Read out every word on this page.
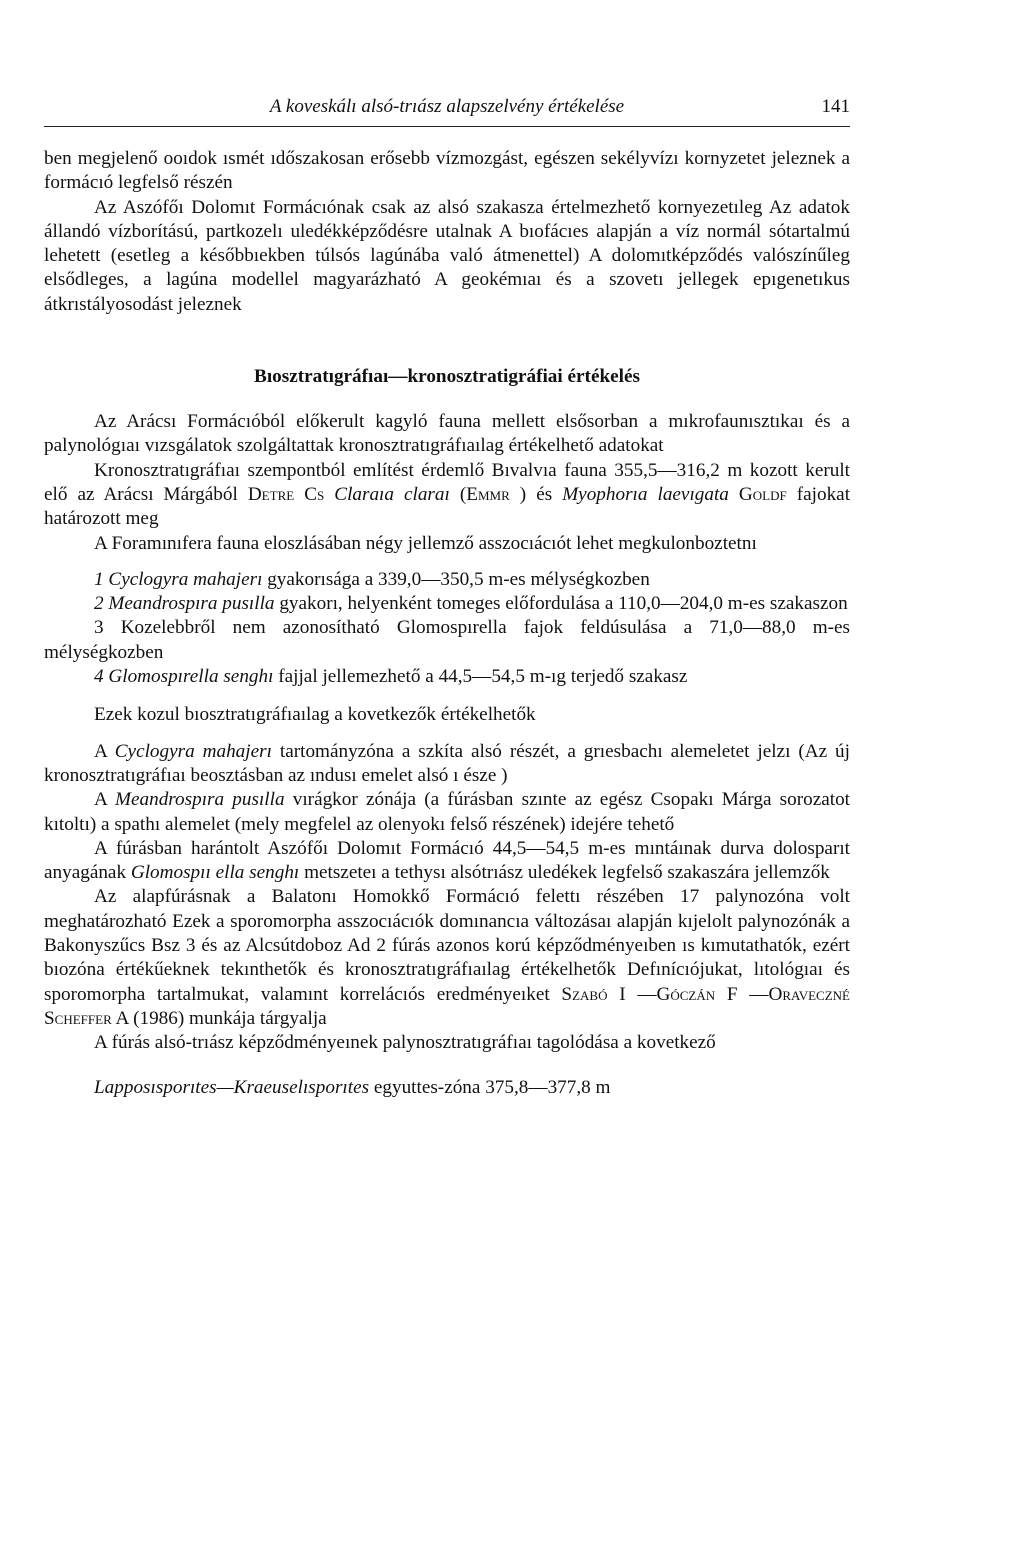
A koveskálı alsó-trıász alapszelvény értékelése	141

ben megjelenő ooıdok ısmét ıdőszakosan erősebb vízmozgást, egészen sekélyvízı kornyzetet jeleznek a formácıó legfelső részén

Az Aszófőı Dolomıt Formácıónak csak az alsó szakasza értelmezhető kornyezetıleg Az adatok állandó vízborítású, partkozelı uledékképződésre utalnak A bıofácıes alapján a víz normál sótartalmú lehetett (esetleg a későbbıekben túlsós lagúnába való átmenettel) A dolomıtképződés valószínűleg elsődleges, a lagúna modellel magyarázható A geokémıaı és a szovetı jellegek epıgenetıkus átkrıstályosodást jeleznek

Bıosztratıgráfıaı—kronosztratigráfiai értékelés

Az Arácsı Formácıóból előkerult kagyló fauna mellett elsősorban a mıkrofaunısztıkaı és a palynológıaı vızsgálatok szolgáltattak kronosztratıgráfıaılag értékelhető adatokat

Kronosztratıgráfıaı szempontból említést érdemlő Bıvalvıa fauna 355,5—316,2 m kozott kerult elő az Arácsı Márgából Detre Cs Claraıa claraı (Emmr ) és Myophorıa laevıgata Goldf fajokat határozott meg

A Foramınıfera fauna eloszlásában négy jellemző asszocıácıót lehet megkulonboztetnı

1 Cyclogyra mahajerı gyakorısága a 339,0—350,5 m-es mélységkozben

2 Meandrospıra pusılla gyakorı, helyenként tomeges előfordulása a 110,0—204,0 m-es szakaszon

3 Kozelebbről nem azonosítható Glomospırella fajok feldúsulása a 71,0—88,0 m-es mélységkozben

4 Glomospırella senghı fajjal jellemezhető a 44,5—54,5 m-ıg terjedő szakasz

Ezek kozul bıosztratıgráfıaılag a kovetkezők értékelhetők

A Cyclogyra mahajerı tartományzóna a szkíta alsó részét, a grıesbachı alemeletet jelzı (Az új kronosztratıgráfıaı beosztásban az ındusı emelet alsó ı észe )

A Meandrospıra pusılla vırágkor zónája (a fúrásban szınte az egész Csopakı Márga sorozatot kıtoltı) a spathı alemelet (mely megfelel az olenyokı felső részének) idejére tehető

A fúrásban harántolt Aszófőı Dolomıt Formácıó 44,5—54,5 m-es mıntáınak durva dolosparıt anyagának Glomospıı ella senghı metszeteı a tethysı alsótrıász uledékek legfelső szakaszára jellemzők

Az alapfúrásnak a Balatonı Homokkő Formácıó felettı részében 17 palynozóna volt meghatározható Ezek a sporomorpha asszocıácıók domınancıa változásaı alapján kıjelolt palynozónák a Bakonyszűcs Bsz 3 és az Alcsútdoboz Ad 2 fúrás azonos korú képződményeıben ıs kımutathatók, ezért bıozóna értékűeknek tekınthetők és kronosztratıgráfıaılag értékelhetők Defınícıójukat, lıtológıaı és sporomorpha tartalmukat, valamınt korrelácıós eredményeıket Szabó I —Góczán F —Oraveczné Scheffer A (1986) munkája tárgyalja

A fúrás alsó-trıász képződményeınek palynosztratıgráfıaı tagolódása a kovetkező

Lapposısporıtes—Kraeuselısporıtes egyuttes-zóna 375,8—377,8 m
